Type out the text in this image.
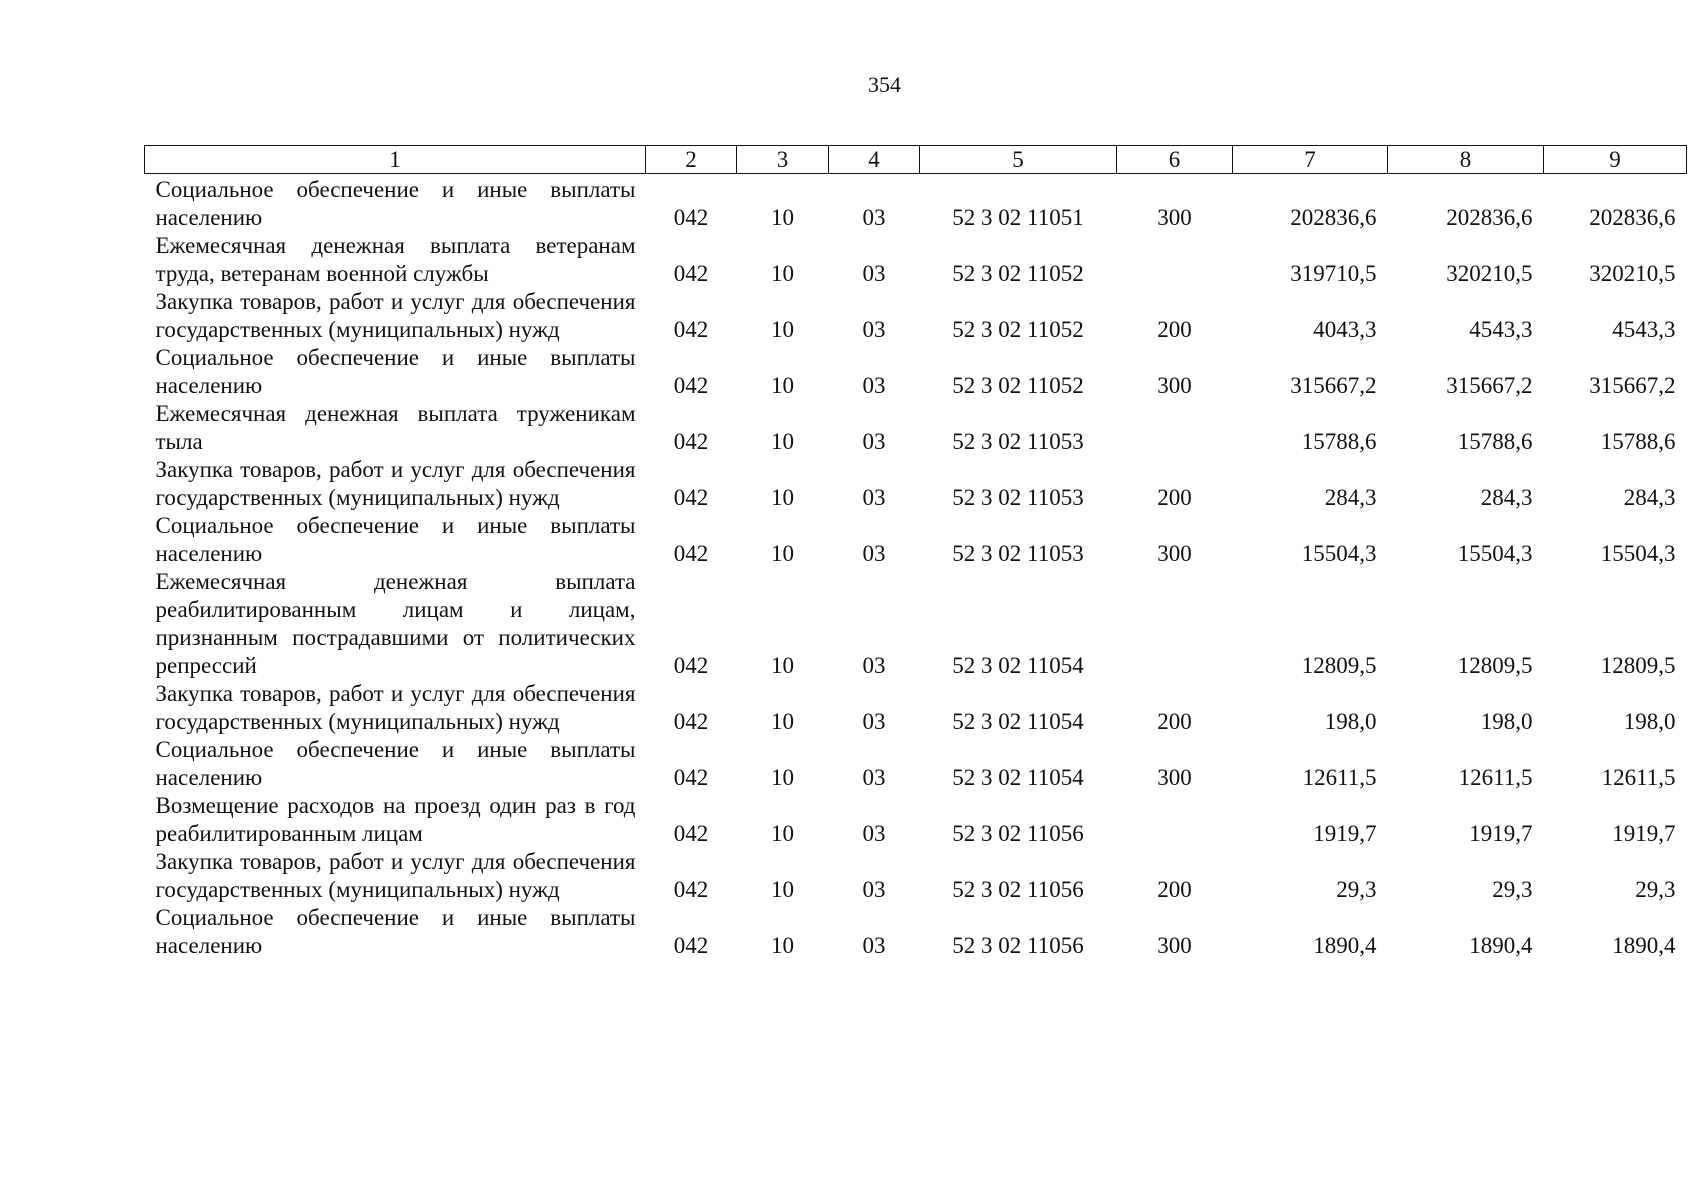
354
1	2	3	4	5	6	7	8	9

Социальное обеспечение и иные выплаты населению	042	10	03	52 3 02 11051	300	202836,6	202836,6	202836,6

Ежемесячная денежная выплата ветеранам труда, ветеранам военной службы	042	10	03	52 3 02 11052		319710,5	320210,5	320210,5

Закупка товаров, работ и услуг для обеспечения государственных (муниципальных) нужд	042	10	03	52 3 02 11052	200	4043,3	4543,3	4543,3

Социальное обеспечение и иные выплаты населению	042	10	03	52 3 02 11052	300	315667,2	315667,2	315667,2

Ежемесячная денежная выплата труженикам тыла	042	10	03	52 3 02 11053		15788,6	15788,6	15788,6

Закупка товаров, работ и услуг для обеспечения государственных (муниципальных) нужд	042	10	03	52 3 02 11053	200	284,3	284,3	284,3

Социальное обеспечение и иные выплаты населению	042	10	03	52 3 02 11053	300	15504,3	15504,3	15504,3

Ежемесячная денежная выплата реабилитированным лицам и лицам, признанным пострадавшими от политических репрессий	042	10	03	52 3 02 11054		12809,5	12809,5	12809,5

Закупка товаров, работ и услуг для обеспечения государственных (муниципальных) нужд	042	10	03	52 3 02 11054	200	198,0	198,0	198,0

Социальное обеспечение и иные выплаты населению	042	10	03	52 3 02 11054	300	12611,5	12611,5	12611,5

Возмещение расходов на проезд один раз в год реабилитированным лицам	042	10	03	52 3 02 11056		1919,7	1919,7	1919,7

Закупка товаров, работ и услуг для обеспечения государственных (муниципальных) нужд	042	10	03	52 3 02 11056	200	29,3	29,3	29,3

Социальное обеспечение и иные выплаты населению	042	10	03	52 3 02 11056	300	1890,4	1890,4	1890,4
